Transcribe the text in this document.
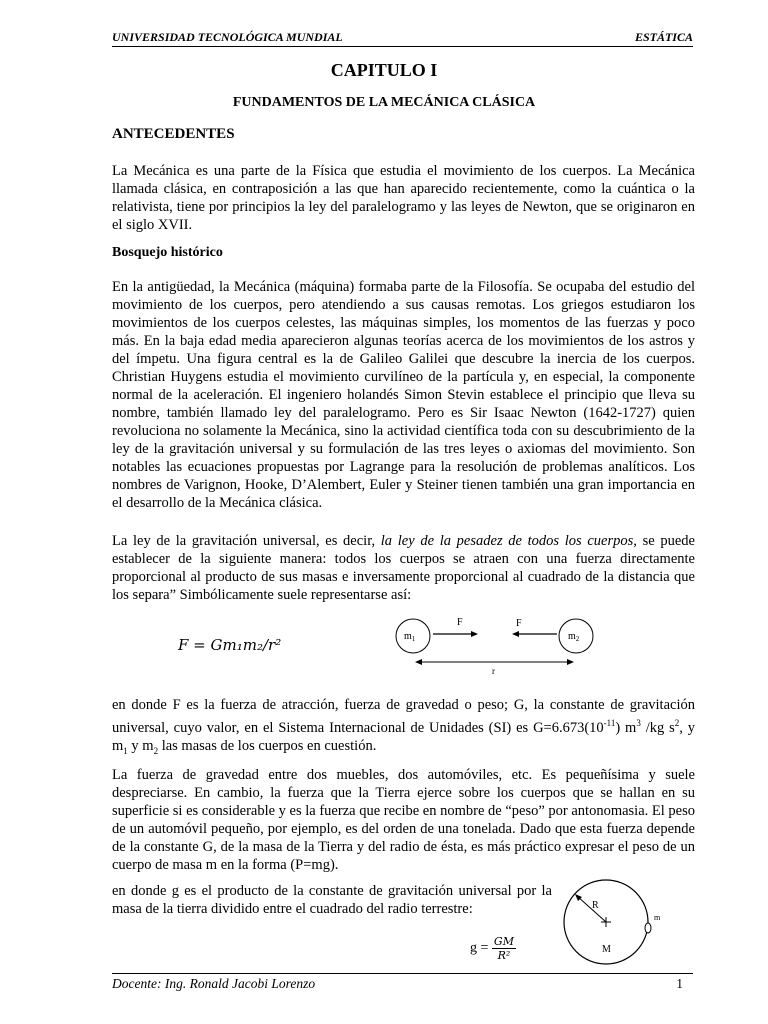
UNIVERSIDAD TECNOLÓGICA MUNDIAL	ESTÁTICA
CAPITULO I
FUNDAMENTOS DE LA MECÁNICA CLÁSICA
ANTECEDENTES

La Mecánica es una parte de la Física que estudia el movimiento de los cuerpos. La Mecánica llamada clásica, en contraposición a las que han aparecido recientemente, como la cuántica o la relativista, tiene por principios la ley del paralelogramo y las leyes de Newton, que se originaron en el siglo XVII.

Bosquejo histórico

En la antigüedad, la Mecánica (máquina) formaba parte de la Filosofía. Se ocupaba del estudio del movimiento de los cuerpos, pero atendiendo a sus causas remotas. Los griegos estudiaron los movimientos de los cuerpos celestes, las máquinas simples, los momentos de las fuerzas y poco más. En la baja edad media aparecieron algunas teorías acerca de los movimientos de los astros y del ímpetu. Una figura central es la de Galileo Galilei que descubre la inercia de los cuerpos. Christian Huygens estudia el movimiento curvilíneo de la partícula y, en especial, la componente normal de la aceleración. El ingeniero holandés Simon Stevin establece el principio que lleva su nombre, también llamado ley del paralelogramo. Pero es Sir Isaac Newton (1642-1727) quien revoluciona no solamente la Mecánica, sino la actividad científica toda con su descubrimiento de la ley de la gravitación universal y su formulación de las tres leyes o axiomas del movimiento. Son notables las ecuaciones propuestas por Lagrange para la resolución de problemas analíticos. Los nombres de Varignon, Hooke, D’Alembert, Euler y Steiner tienen también una gran importancia en el desarrollo de la Mecánica clásica.

La ley de la gravitación universal, es decir, la ley de la pesadez de todos los cuerpos, se puede establecer de la siguiente manera: todos los cuerpos se atraen con una fuerza directamente proporcional al producto de sus masas e inversamente proporcional al cuadrado de la distancia que los separa” Simbólicamente suele representarse así:

F = Gm₁m₂/r²	$m_1$	$m_2$
F	F
r

en donde F es la fuerza de atracción, fuerza de gravedad o peso; G, la constante de gravitación universal, cuyo valor, en el Sistema Internacional de Unidades (SI) es $G=6.673(10^{-11})$ $m^3$ /kg $s^2$, y $m_1$ y $m_2$ las masas de los cuerpos en cuestión.

La fuerza de gravedad entre dos muebles, dos automóviles, etc. Es pequeñísima y suele despreciarse. En cambio, la fuerza que la Tierra ejerce sobre los cuerpos que se hallan en su superficie si es considerable y es la fuerza que recibe en nombre de “peso” por antonomasia. El peso de un automóvil pequeño, por ejemplo, es del orden de una tonelada. Dado que esta fuerza depende de la constante G, de la masa de la Tierra y del radio de ésta, es más práctico expresar el peso de un cuerpo de masa m en la forma (P=mg).

en donde g es el producto de la constante de gravitación universal por la masa de la tierra dividido entre el cuadrado del radio terrestre:

$g = \frac{GM}{\text{R²}}$
R
M
m
Docente: Ing. Ronald Jacobi Lorenzo	1
